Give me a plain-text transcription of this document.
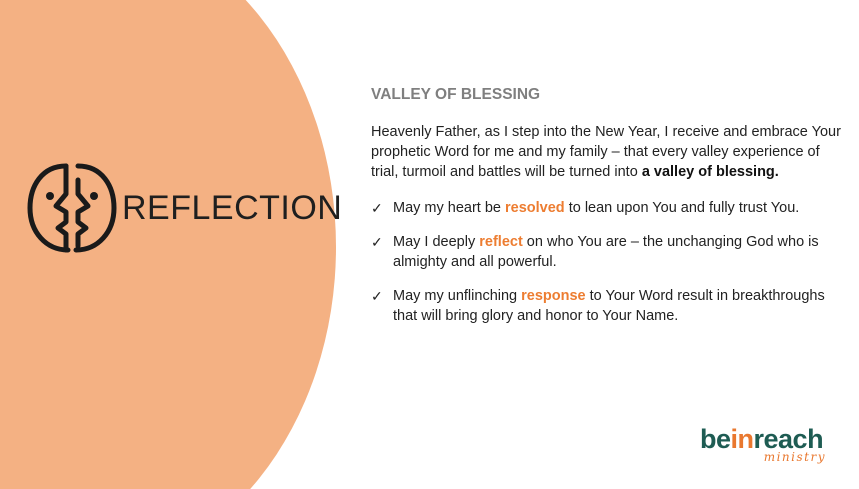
REFLECTION
VALLEY OF BLESSING

Heavenly Father, as I step into the New Year, I receive and embrace Your prophetic Word for me and my family – that every valley experience of trial, turmoil and battles will be turned into a valley of blessing.

✓ May my heart be resolved to lean upon You and fully trust You.
✓ May I deeply reflect on who You are – the unchanging God who is almighty and all powerful.
✓ May my unflinching response to Your Word result in breakthroughs that will bring glory and honor to Your Name.
beinreach
ministry
